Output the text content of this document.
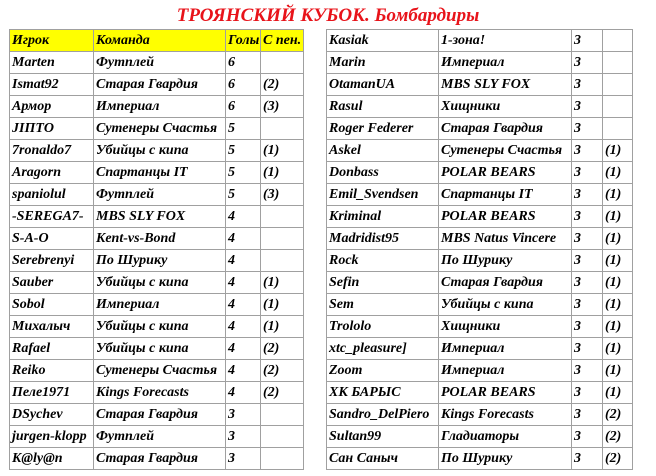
ТРОЯНСКИЙ КУБОК. Бомбардиры
Игрок	Команда	Голы	С пен.
Marten	Футплей	6	
Ismat92	Старая Гвардия	6	(2)
Армор	Империал	6	(3)
JIПТО	Сутенеры Счастья	5	
7ronaldo7	Убийцы с кипа	5	(1)
Aragorn	Спартанцы IT	5	(1)
spaniolul	Футплей	5	(3)
-SEREGA7-	MBS SLY FOX	4	
S-A-O	Kent-vs-Bond	4	
Serebrenyi	По Шурику	4	
Sauber	Убийцы с кипа	4	(1)
Sobol	Империал	4	(1)
Михалыч	Убийцы с кипа	4	(1)
Rafael	Убийцы с кипа	4	(2)
Reiko	Сутенеры Счастья	4	(2)
Пеле1971	Kings Forecasts	4	(2)
DSychev	Старая Гвардия	3	
jurgen-klopp	Футплей	3	
K@ly@n	Старая Гвардия	3	
Kasiak	1-зона!	3	
Marin	Империал	3	
OtamanUA	MBS SLY FOX	3	
Rasul	Хищники	3	
Roger Federer	Старая Гвардия	3	
Askel	Сутенеры Счастья	3	(1)
Donbass	POLAR BEARS	3	(1)
Emil_Svendsen	Спартанцы IT	3	(1)
Kriminal	POLAR BEARS	3	(1)
Madridist95	MBS Natus Vincere	3	(1)
Rock	По Шурику	3	(1)
Sefin	Старая Гвардия	3	(1)
Sem	Убийцы с кипа	3	(1)
Trololo	Хищники	3	(1)
xtc_pleasure]	Империал	3	(1)
Zoom	Империал	3	(1)
ХК БАРЫС	POLAR BEARS	3	(1)
Sandro_DelPiero	Kings Forecasts	3	(2)
Sultan99	Гладиаторы	3	(2)
Сан Саныч	По Шурику	3	(2)
